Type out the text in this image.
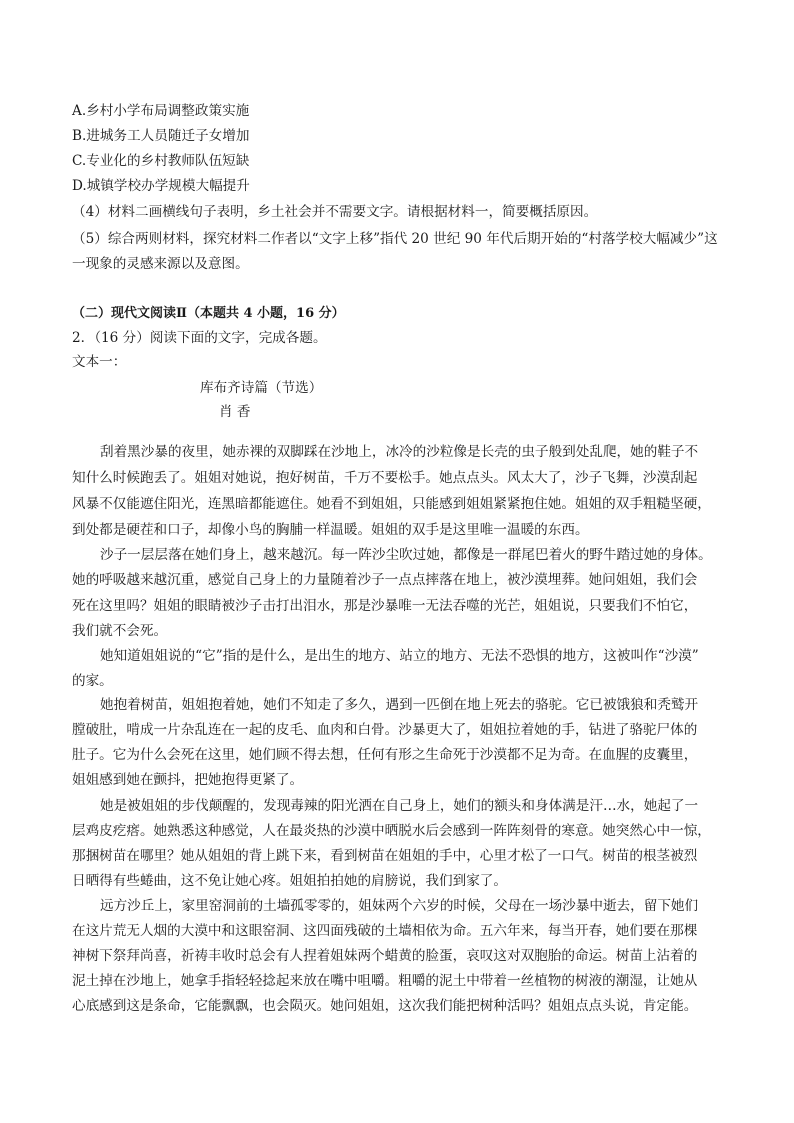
A.乡村小学布局调整政策实施
B.进城务工人员随迁子女增加
C.专业化的乡村教师队伍短缺
D.城镇学校办学规模大幅提升
（4）材料二画横线句子表明，乡土社会并不需要文字。请根据材料一，简要概括原因。
（5）综合两则材料，探究材料二作者以“文字上移”指代 20 世纪 90 年代后期开始的“村落学校大幅减少”这
一现象的灵感来源以及意图。
（二）现代文阅读Ⅱ（本题共 4 小题，16 分）
2．（16 分）阅读下面的文字，完成各题。
文本一：
库布齐诗篇（节选）
肖 香
刮着黑沙暴的夜里，她赤裸的双脚踩在沙地上，冰冷的沙粒像是长壳的虫子般到处乱爬，她的鞋子不
知什么时候跑丢了。姐姐对她说，抱好树苗，千万不要松手。她点点头。风太大了，沙子飞舞，沙漠刮起
风暴不仅能遮住阳光，连黑暗都能遮住。她看不到姐姐，只能感到姐姐紧紧抱住她。姐姐的双手粗糙坚硬，
到处都是硬茬和口子，却像小鸟的胸脯一样温暖。姐姐的双手是这里唯一温暖的东西。
沙子一层层落在她们身上，越来越沉。每一阵沙尘吹过她，都像是一群尾巴着火的野牛踏过她的身体。
她的呼吸越来越沉重，感觉自己身上的力量随着沙子一点点摔落在地上，被沙漠埋葬。她问姐姐，我们会
死在这里吗？姐姐的眼睛被沙子击打出泪水，那是沙暴唯一无法吞噬的光芒，姐姐说，只要我们不怕它，
我们就不会死。
她知道姐姐说的“它”指的是什么，是出生的地方、站立的地方、无法不恐惧的地方，这被叫作“沙漠”
的家。
她抱着树苗，姐姐抱着她，她们不知走了多久，遇到一匹倒在地上死去的骆驼。它已被饿狼和秃鹫开
膛破肚，啃成一片杂乱连在一起的皮毛、血肉和白骨。沙暴更大了，姐姐拉着她的手，钻进了骆驼尸体的
肚子。它为什么会死在这里，她们顾不得去想，任何有形之生命死于沙漠都不足为奇。在血腥的皮囊里，
姐姐感到她在颤抖，把她抱得更紧了。
她是被姐姐的步伐颠醒的，发现毒辣的阳光洒在自己身上，她们的额头和身体满是汗…水，她起了一
层鸡皮疙瘩。她熟悉这种感觉，人在最炎热的沙漠中晒脱水后会感到一阵阵刻骨的寒意。她突然心中一惊，
那捆树苗在哪里？她从姐姐的背上跳下来，看到树苗在姐姐的手中，心里才松了一口气。树苗的根茎被烈
日晒得有些蜷曲，这不免让她心疼。姐姐拍拍她的肩膀说，我们到家了。
远方沙丘上，家里窑洞前的土墙孤零零的，姐妹两个六岁的时候，父母在一场沙暴中逝去，留下她们
在这片荒无人烟的大漠中和这眼窑洞、这四面残破的土墙相依为命。五六年来，每当开春，她们要在那棵
神树下祭拜尚喜，祈祷丰收时总会有人捏着姐妹两个蜡黄的脸蛋，哀叹这对双胞胎的命运。树苗上沾着的
泥土掉在沙地上，她拿手指轻轻捻起来放在嘴中咀嚼。粗嚼的泥土中带着一丝植物的树液的潮湿，让她从
心底感到这是条命，它能飘飘，也会陨灭。她问姐姐，这次我们能把树种活吗？姐姐点点头说，肯定能。
